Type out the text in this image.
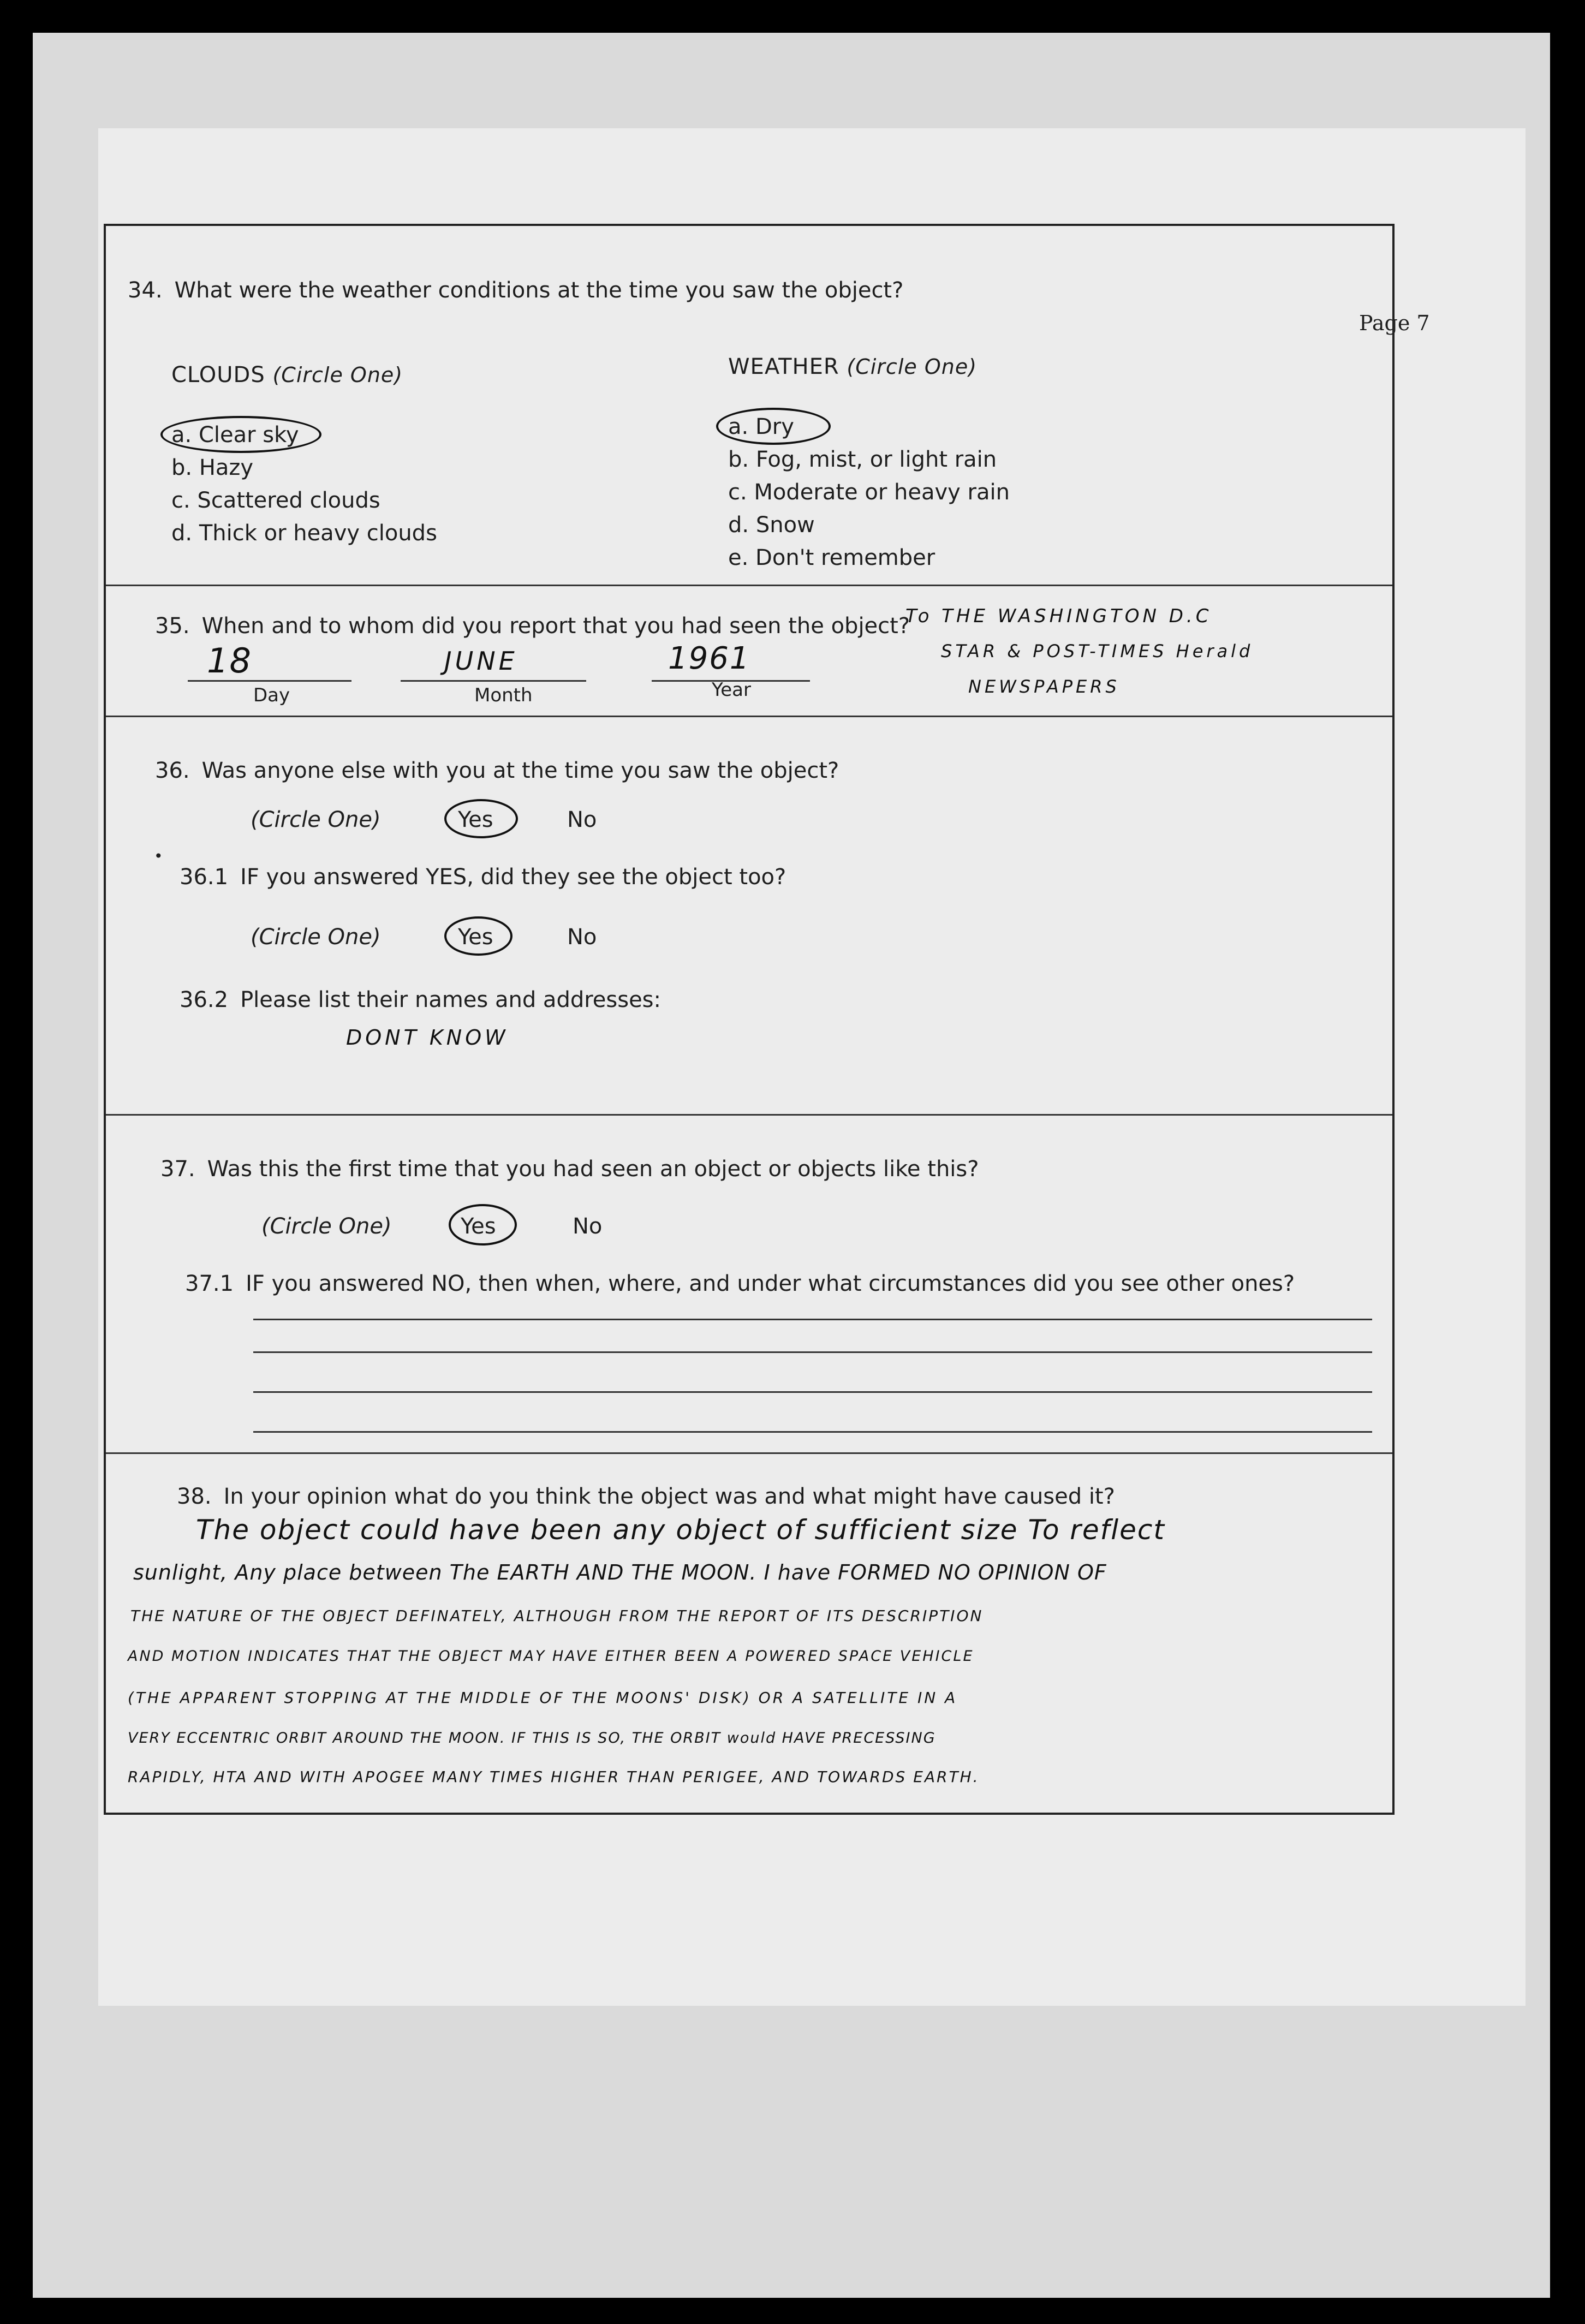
Page 7
34. What were the weather conditions at the time you saw the object?
CLOUDS (Circle One)
a. Clear sky
b. Hazy
c. Scattered clouds
d. Thick or heavy clouds
WEATHER (Circle One)
a. Dry
b. Fog, mist, or light rain
c. Moderate or heavy rain
d. Snow
e. Don't remember
35. When and to whom did you report that you had seen the object?
18
Day
JUNE
Month
1961
Year
To THE WASHINGTON D.C
STAR & POST-TIMES Herald
NEWSPAPERS
36. Was anyone else with you at the time you saw the object?
(Circle One)	Yes	No
•
36.1 IF you answered YES, did they see the object too?
(Circle One)	Yes	No
36.2 Please list their names and addresses:
DONT KNOW
37. Was this the first time that you had seen an object or objects like this?
(Circle One)	Yes	No
37.1 IF you answered NO, then when, where, and under what circumstances did you see other ones?
38. In your opinion what do you think the object was and what might have caused it?
The object could have been any object of sufficient size To reflect
sunlight, Any place between The EARTH AND THE MOON. I have FORMED NO OPINION OF
THE NATURE OF THE OBJECT DEFINATELY, ALTHOUGH FROM THE REPORT OF ITS DESCRIPTION
AND MOTION INDICATES THAT THE OBJECT MAY HAVE EITHER BEEN A POWERED SPACE VEHICLE
(THE APPARENT STOPPING AT THE MIDDLE OF THE MOONS' DISK) OR A SATELLITE IN A
VERY ECCENTRIC ORBIT AROUND THE MOON. IF THIS IS SO, THE ORBIT would HAVE PRECESSING
RAPIDLY, HTA AND WITH APOGEE MANY TIMES HIGHER THAN PERIGEE, AND TOWARDS EARTH.
